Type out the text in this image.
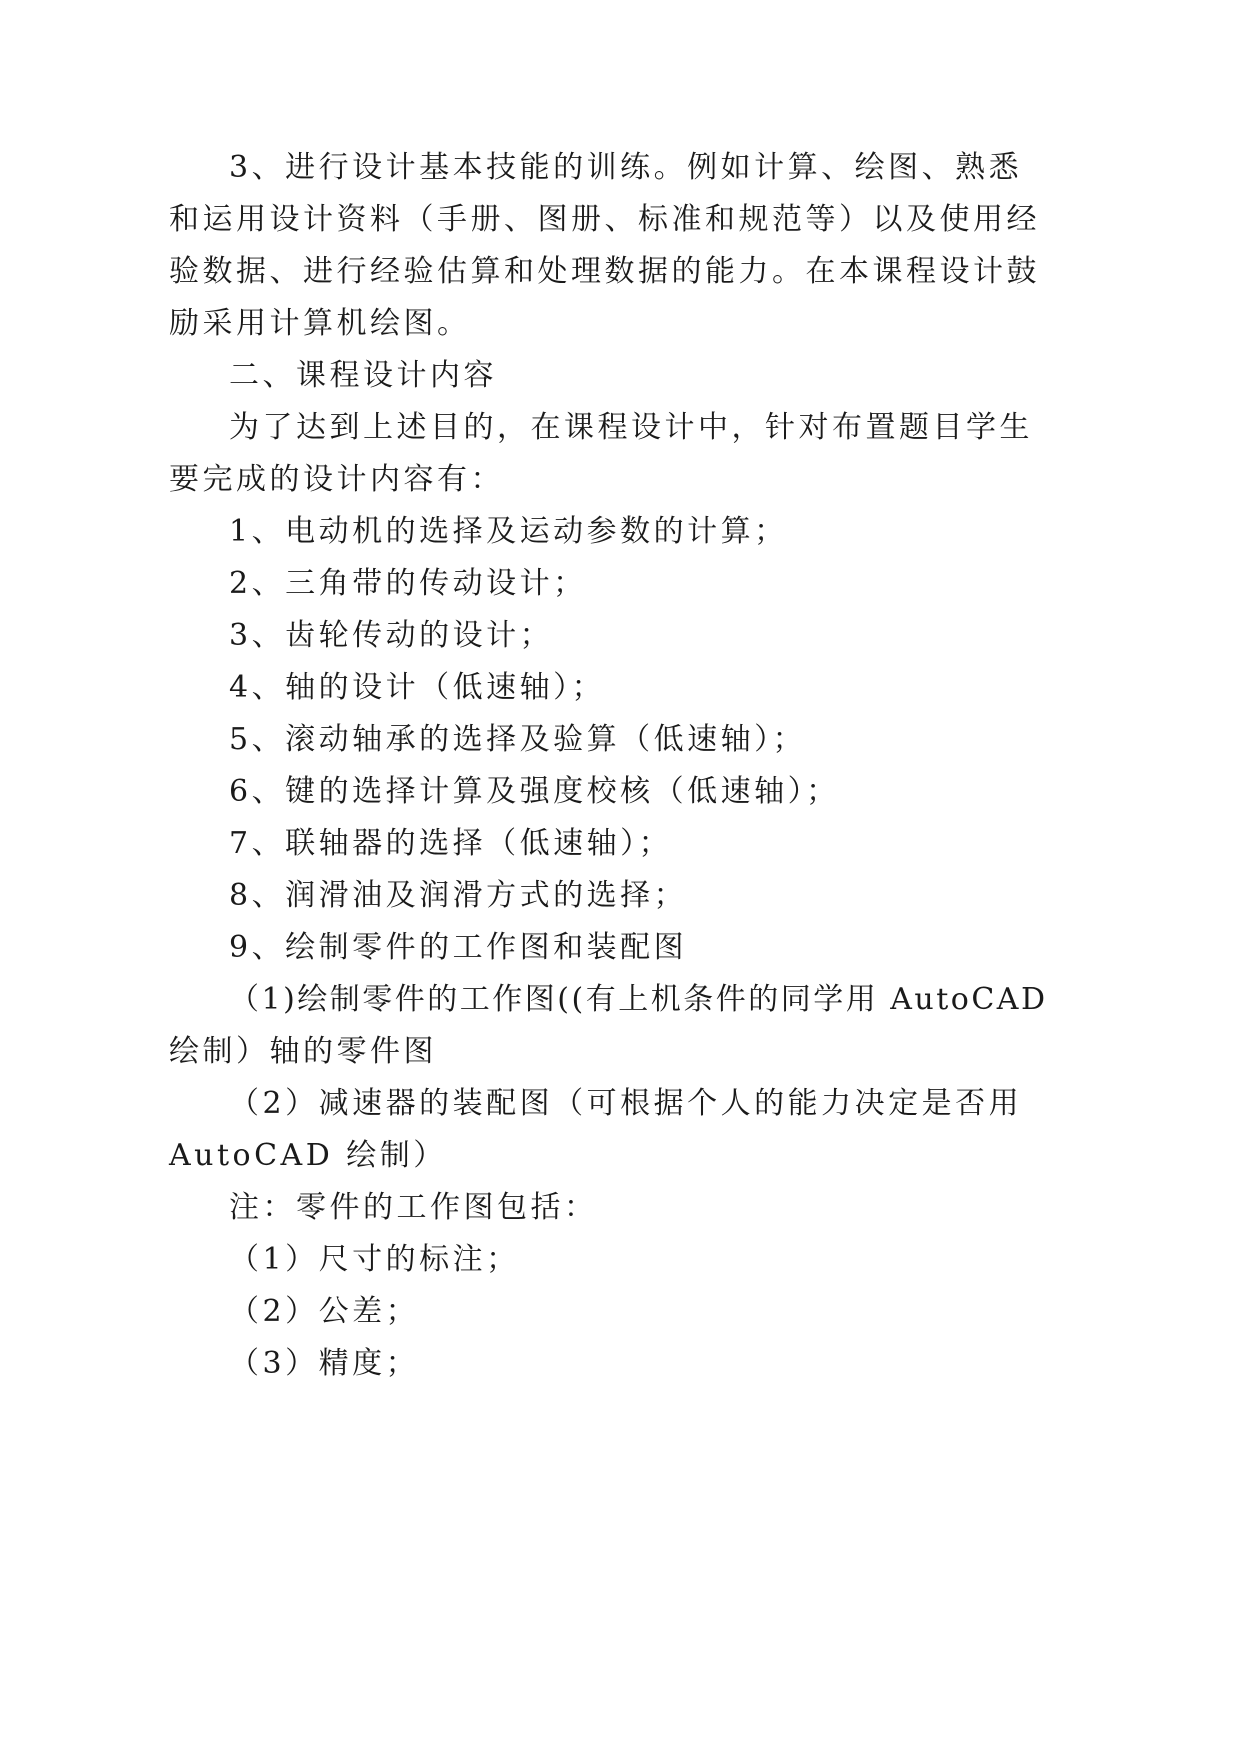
3、进行设计基本技能的训练。例如计算、绘图、熟悉
和运用设计资料（手册、图册、标准和规范等）以及使用经
验数据、进行经验估算和处理数据的能力。在本课程设计鼓
励采用计算机绘图。
二、课程设计内容
为了达到上述目的，在课程设计中，针对布置题目学生
要完成的设计内容有：
1、电动机的选择及运动参数的计算；
2、三角带的传动设计；
3、齿轮传动的设计；
4、轴的设计（低速轴）；
5、滚动轴承的选择及验算（低速轴）；
6、键的选择计算及强度校核（低速轴）；
7、联轴器的选择（低速轴）；
8、润滑油及润滑方式的选择；
9、绘制零件的工作图和装配图
（1)绘制零件的工作图((有上机条件的同学用 AutoCAD
绘制）轴的零件图
（2）减速器的装配图（可根据个人的能力决定是否用
AutoCAD 绘制）
注：零件的工作图包括：
（1）尺寸的标注；
（2）公差；
（3）精度；
